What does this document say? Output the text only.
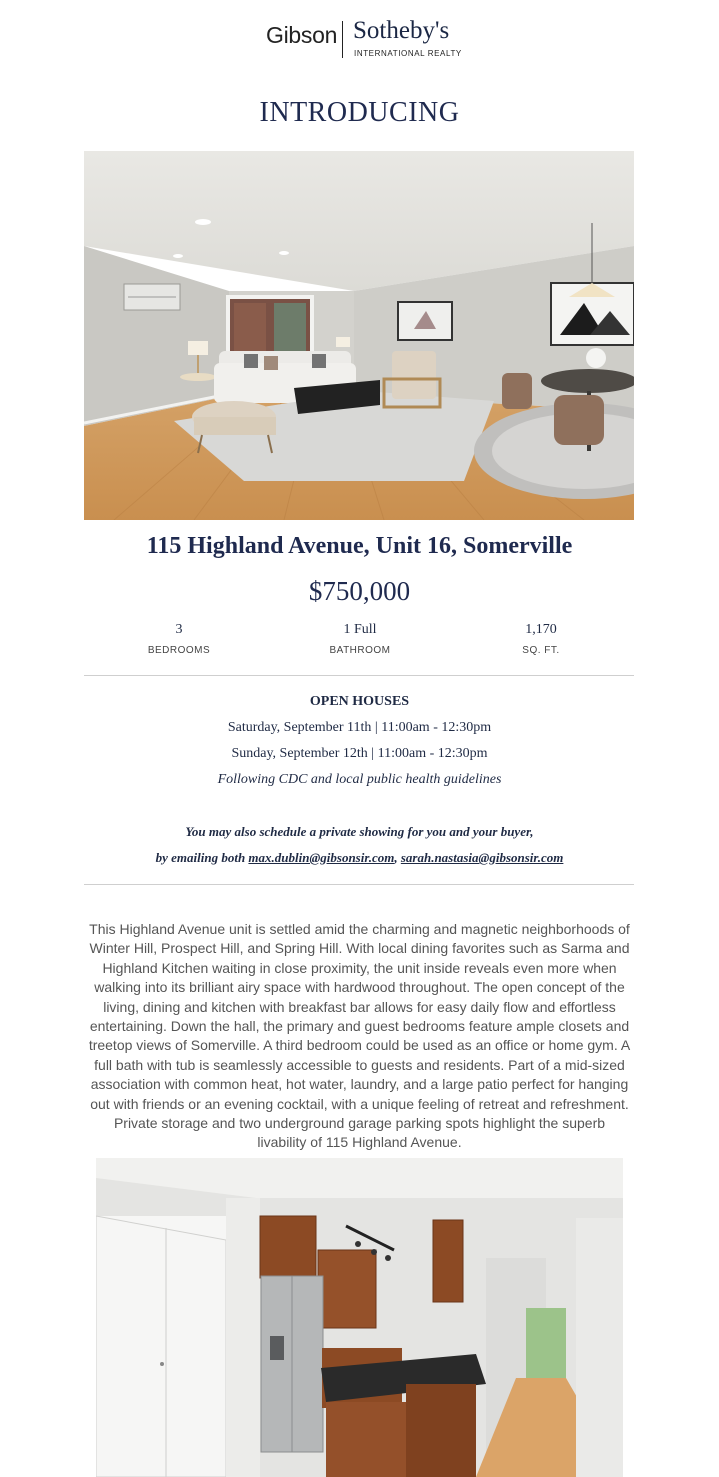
Gibson Sotheby's
INTERNATIONAL REALTY
INTRODUCING
115 Highland Avenue, Unit 16, Somerville
$750,000
3
BEDROOMS
1 Full
BATHROOM
1,170
SQ. FT.
OPEN HOUSES
Saturday, September 11th | 11:00am - 12:30pm
Sunday, September 12th | 11:00am - 12:30pm
Following CDC and local public health guidelines
You may also schedule a private showing for you and your buyer,
by emailing both max.dublin@gibsonsir.com, sarah.nastasia@gibsonsir.com
This Highland Avenue unit is settled amid the charming and magnetic neighborhoods of Winter Hill, Prospect Hill, and Spring Hill. With local dining favorites such as Sarma and Highland Kitchen waiting in close proximity, the unit inside reveals even more when walking into its brilliant airy space with hardwood throughout. The open concept of the living, dining and kitchen with breakfast bar allows for easy daily flow and effortless entertaining. Down the hall, the primary and guest bedrooms feature ample closets and treetop views of Somerville. A third bedroom could be used as an office or home gym. A full bath with tub is seamlessly accessible to guests and residents. Part of a mid-sized association with common heat, hot water, laundry, and a large patio perfect for hanging out with friends or an evening cocktail, with a unique feeling of retreat and refreshment. Private storage and two underground garage parking spots highlight the superb livability of 115 Highland Avenue.
